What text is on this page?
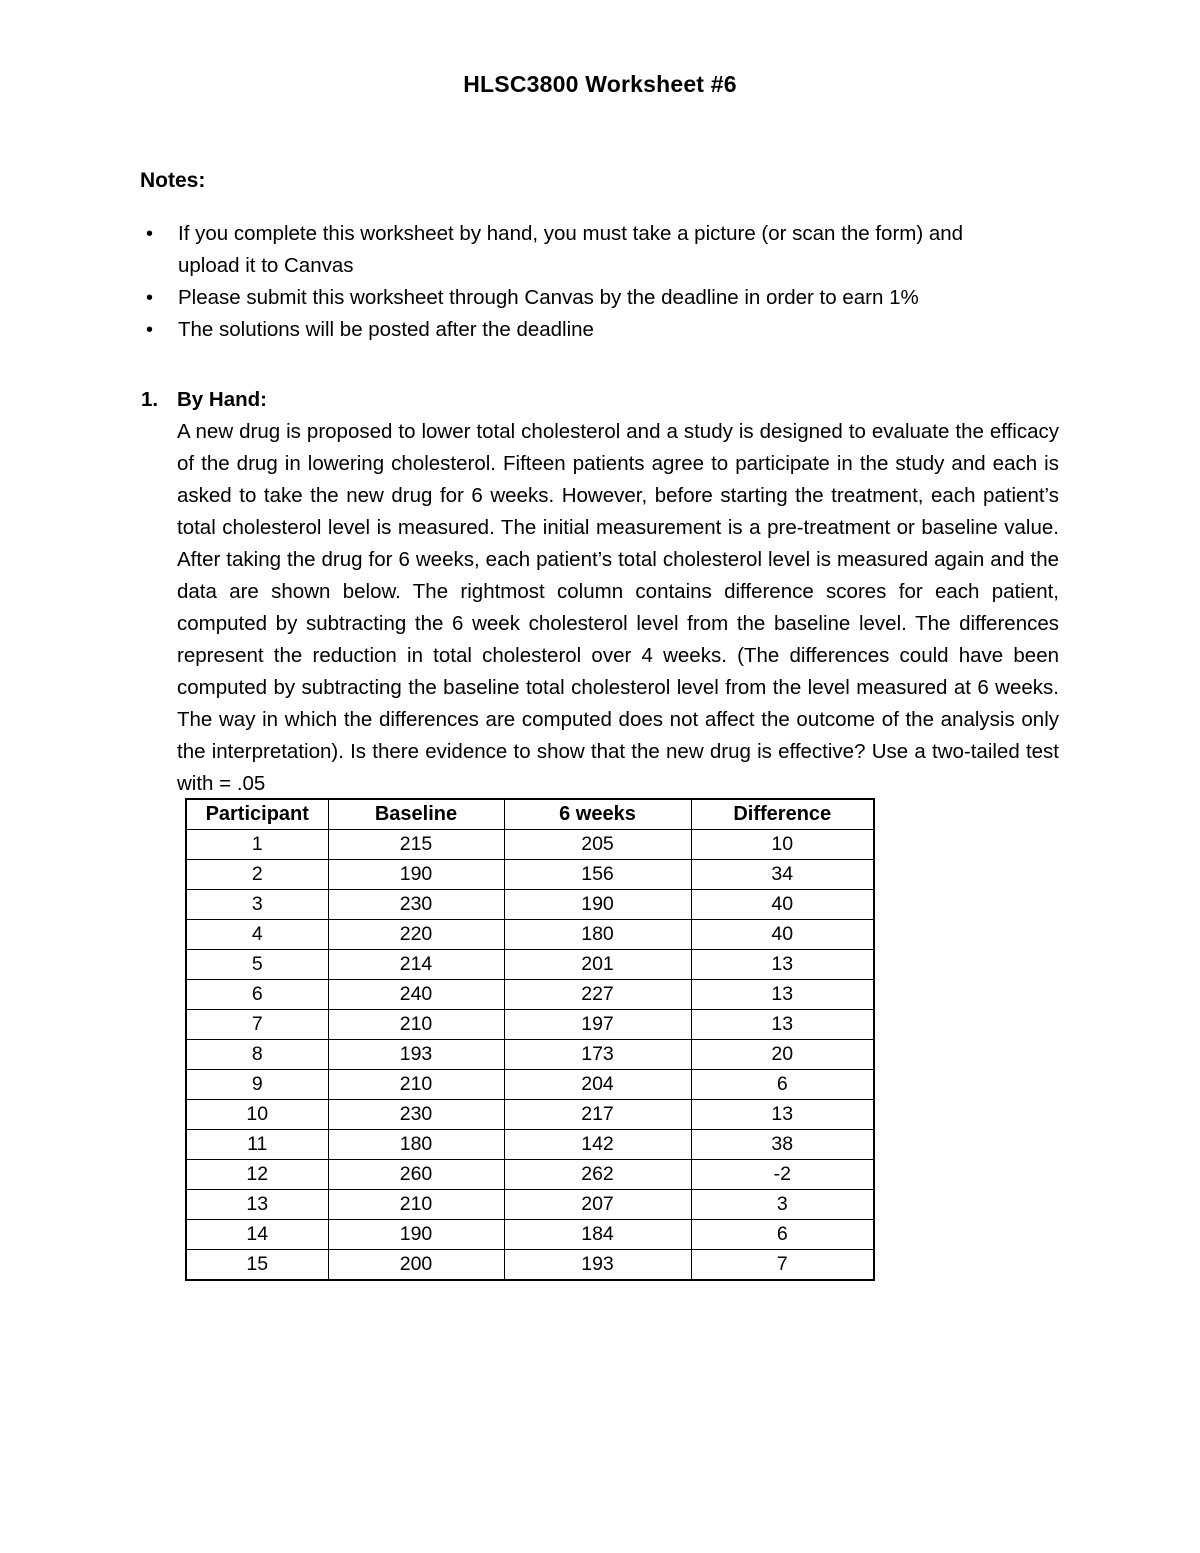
HLSC3800 Worksheet #6
Notes:
• If you complete this worksheet by hand, you must take a picture (or scan the form) and upload it to Canvas
• Please submit this worksheet through Canvas by the deadline in order to earn 1%
• The solutions will be posted after the deadline
1. By Hand:
A new drug is proposed to lower total cholesterol and a study is designed to evaluate the efficacy of the drug in lowering cholesterol. Fifteen patients agree to participate in the study and each is asked to take the new drug for 6 weeks. However, before starting the treatment, each patient’s total cholesterol level is measured. The initial measurement is a pre-treatment or baseline value. After taking the drug for 6 weeks, each patient’s total cholesterol level is measured again and the data are shown below. The rightmost column contains difference scores for each patient, computed by subtracting the 6 week cholesterol level from the baseline level. The differences represent the reduction in total cholesterol over 4 weeks. (The differences could have been computed by subtracting the baseline total cholesterol level from the level measured at 6 weeks. The way in which the differences are computed does not affect the outcome of the analysis only the interpretation). Is there evidence to show that the new drug is effective? Use a two-tailed test with = .05
Participant	Baseline	6 weeks	Difference
1	215	205	10
2	190	156	34
3	230	190	40
4	220	180	40
5	214	201	13
6	240	227	13
7	210	197	13
8	193	173	20
9	210	204	6
10	230	217	13
11	180	142	38
12	260	262	-2
13	210	207	3
14	190	184	6
15	200	193	7
